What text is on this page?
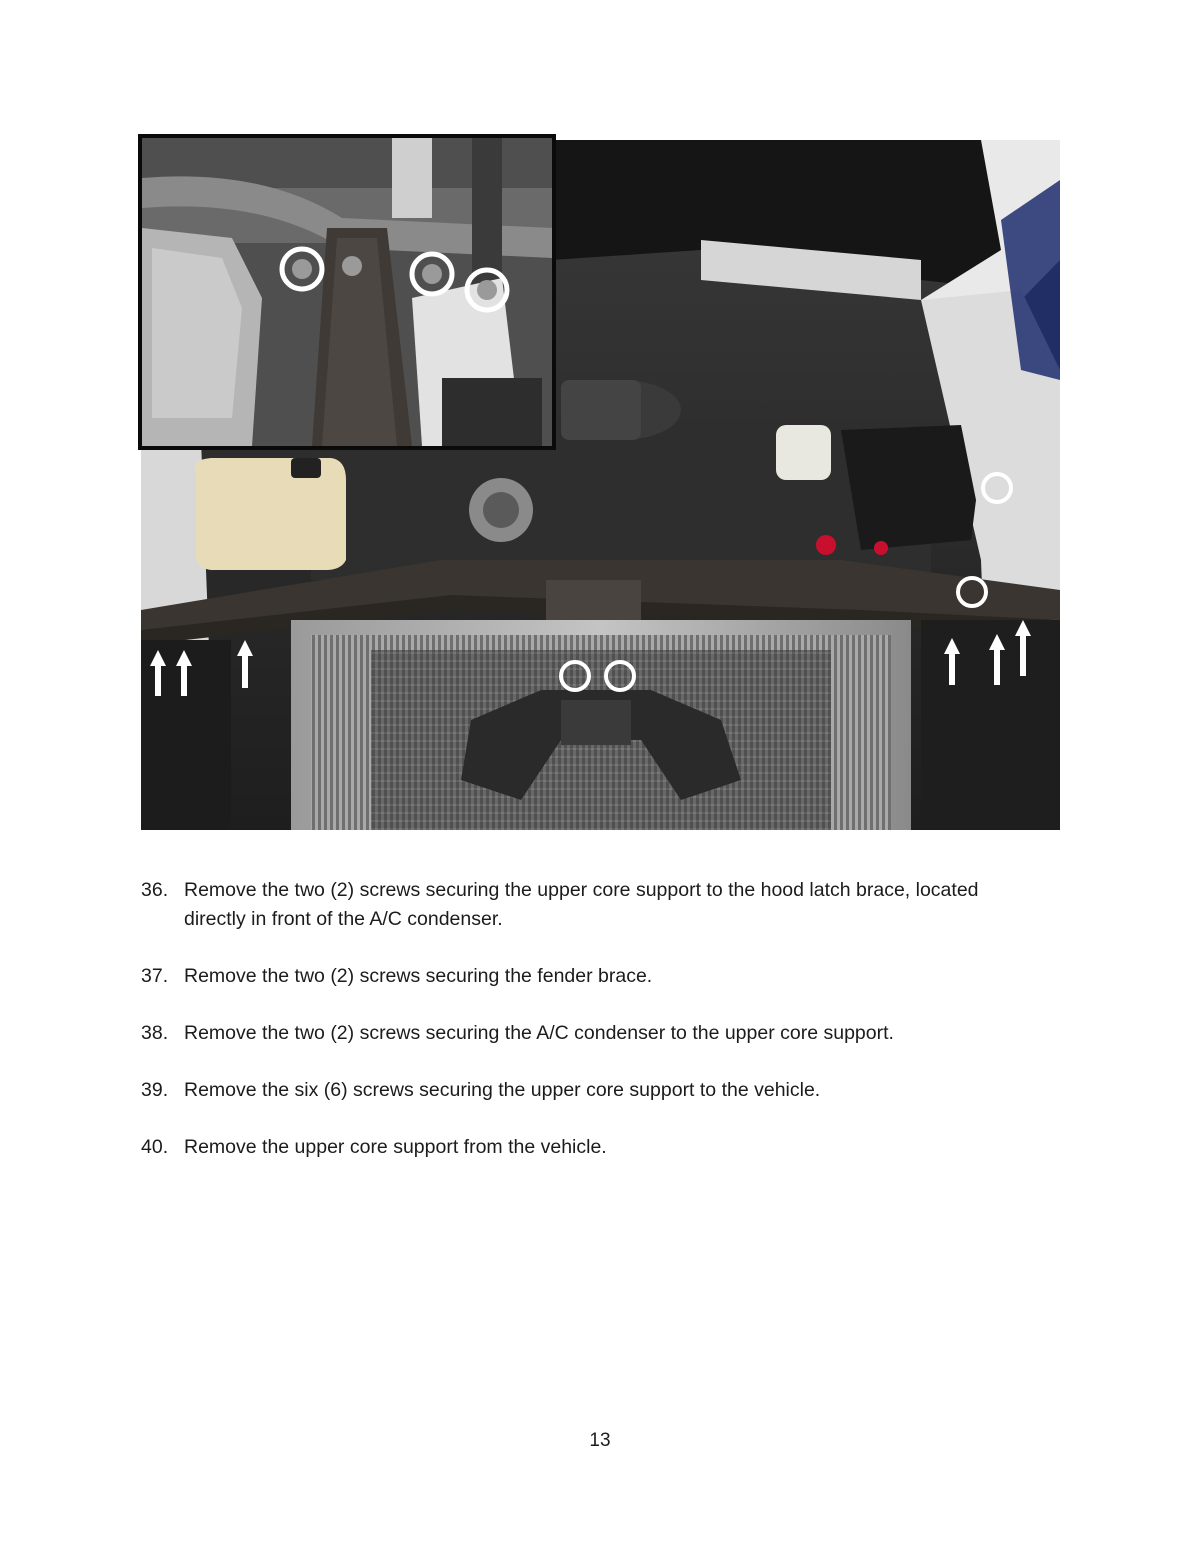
36. Remove the two (2) screws securing the upper core support to the hood latch brace, located directly in front of the A/C condenser.
37. Remove the two (2) screws securing the fender brace.
38. Remove the two (2) screws securing the A/C condenser to the upper core support.
39. Remove the six (6) screws securing the upper core support to the vehicle.
40. Remove the upper core support from the vehicle.
13
